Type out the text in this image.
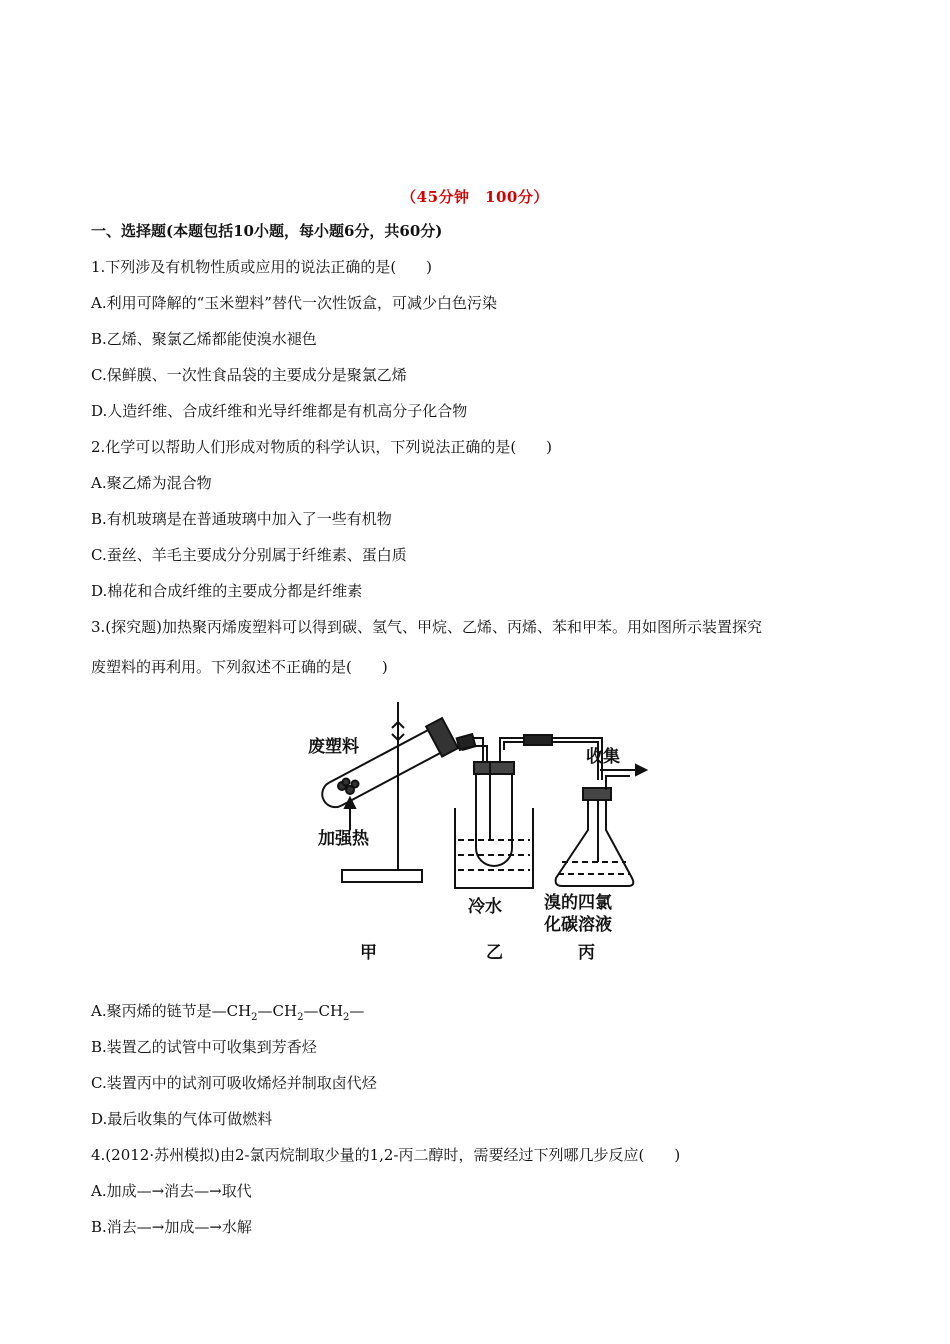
（45分钟　100分）
一、选择题(本题包括10小题，每小题6分，共60分)
1.下列涉及有机物性质或应用的说法正确的是(　　)
A.利用可降解的“玉米塑料”替代一次性饭盒，可减少白色污染
B.乙烯、聚氯乙烯都能使溴水褪色
C.保鲜膜、一次性食品袋的主要成分是聚氯乙烯
D.人造纤维、合成纤维和光导纤维都是有机高分子化合物
2.化学可以帮助人们形成对物质的科学认识，下列说法正确的是(　　)
A.聚乙烯为混合物
B.有机玻璃是在普通玻璃中加入了一些有机物
C.蚕丝、羊毛主要成分分别属于纤维素、蛋白质
D.棉花和合成纤维的主要成分都是纤维素
3.(探究题)加热聚丙烯废塑料可以得到碳、氢气、甲烷、乙烯、丙烯、苯和甲苯。用如图所示装置探究
废塑料的再利用。下列叙述不正确的是(　　)
废塑料
加强热
收集
冷水 溴的四氯
化碳溶液
甲	乙	丙
A.聚丙烯的链节是$—CH_2—CH_2—CH_2—$
B.装置乙的试管中可收集到芳香烃
C.装置丙中的试剂可吸收烯烃并制取卤代烃
D.最后收集的气体可做燃料
4.(2012·苏州模拟)由2-氯丙烷制取少量的1,2-丙二醇时，需要经过下列哪几步反应(　　)
A.加成—→消去—→取代
B.消去—→加成—→水解
